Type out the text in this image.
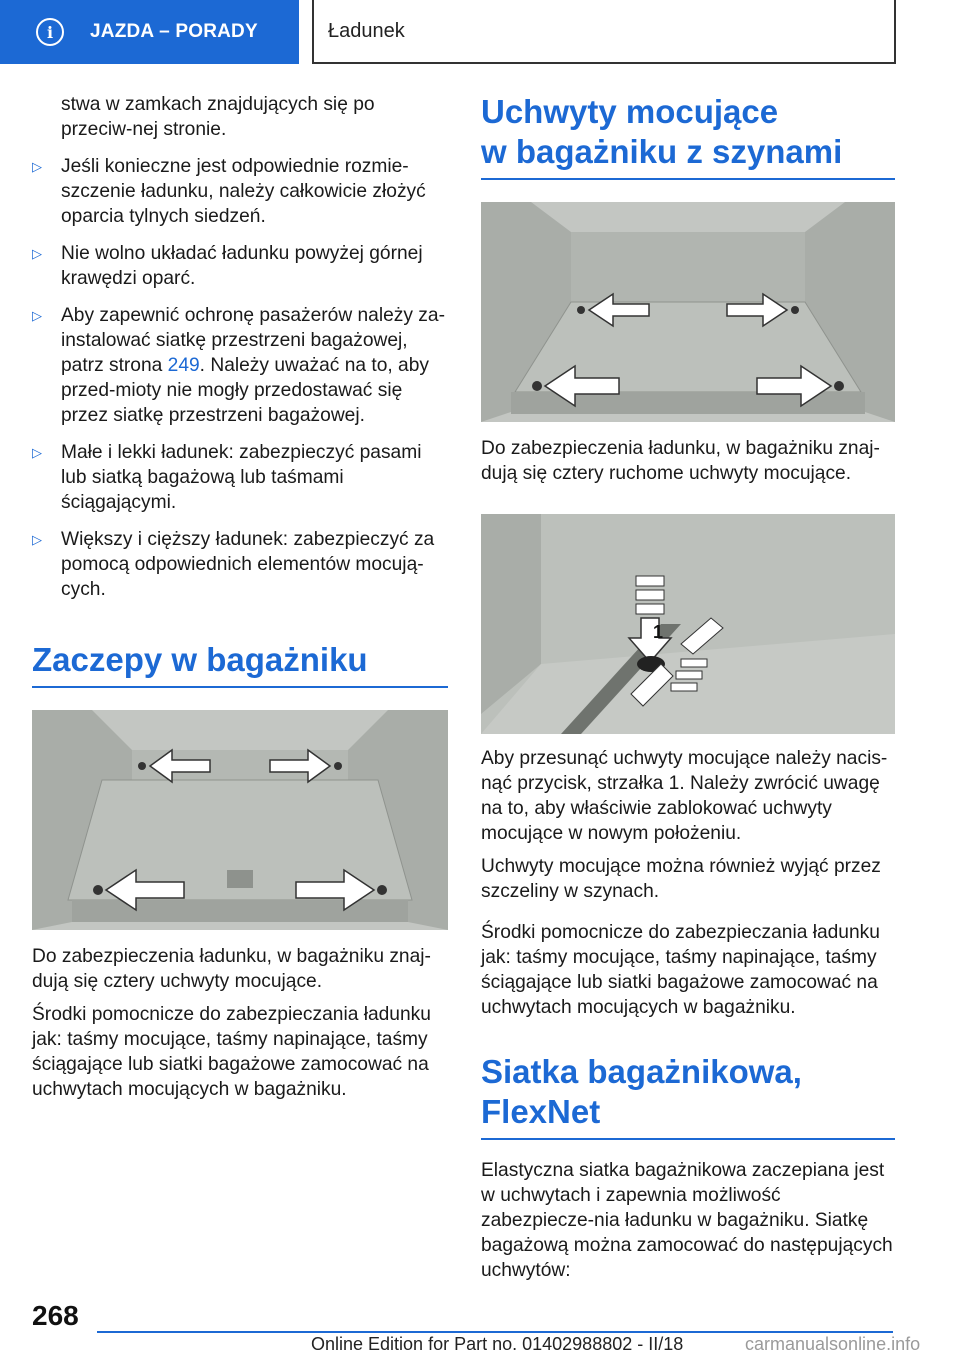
i	JAZDA – PORADY	Ładunek

stwa w zamkach znajdujących się po przeciw-nej stronie.

▷ Jeśli konieczne jest odpowiednie rozmie-szczenie ładunku, należy całkowicie złożyć oparcia tylnych siedzeń.
▷ Nie wolno układać ładunku powyżej górnej krawędzi oparć.
▷ Aby zapewnić ochronę pasażerów należy za-instalować siatkę przestrzeni bagażowej, patrz strona 249. Należy uważać na to, aby przed-mioty nie mogły przedostawać się przez siatkę przestrzeni bagażowej.
▷ Małe i lekki ładunek: zabezpieczyć pasami lub siatką bagażową lub taśmami ściągającymi.
▷ Większy i cięższy ładunek: zabezpieczyć za pomocą odpowiednich elementów mocują-cych.
Zaczepy w bagażniku

Do zabezpieczenia ładunku, w bagażniku znaj-dują się cztery uchwyty mocujące.

Środki pomocnicze do zabezpieczania ładunku jak: taśmy mocujące, taśmy napinające, taśmy ściągające lub siatki bagażowe zamocować na uchwytach mocujących w bagażniku.

Uchwyty mocujące
w bagażniku z szynami

Do zabezpieczenia ładunku, w bagażniku znaj-dują się cztery ruchome uchwyty mocujące.

1

Aby przesunąć uchwyty mocujące należy nacis-nąć przycisk, strzałka 1. Należy zwrócić uwagę na to, aby właściwie zablokować uchwyty mocujące w nowym położeniu.

Uchwyty mocujące można również wyjąć przez szczeliny w szynach.

Środki pomocnicze do zabezpieczania ładunku jak: taśmy mocujące, taśmy napinające, taśmy ściągające lub siatki bagażowe zamocować na uchwytach mocujących w bagażniku.

Siatka bagażnikowa,
FlexNet

Elastyczna siatka bagażnikowa zaczepiana jest w uchwytach i zapewnia możliwość zabezpiecze-nia ładunku w bagażniku. Siatkę bagażową można zamocować do następujących uchwytów:

268
Online Edition for Part no. 01402988802 - II/18	carmanualsonline.info
